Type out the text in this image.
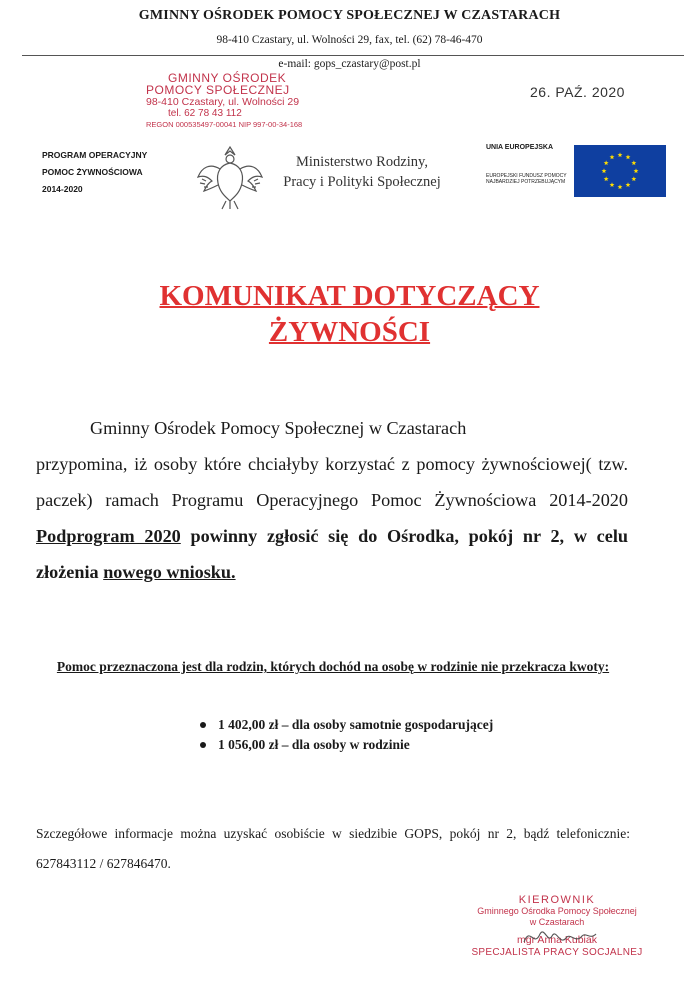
GMINNY OŚRODEK POMOCY SPOŁECZNEJ W CZASTARACH
98-410 Czastary, ul. Wolności 29, fax, tel. (62) 78-46-470
e-mail: gops_czastary@post.pl
GMINNY OŚRODEK
POMOCY SPOŁECZNEJ
98-410 Czastary, ul. Wolności 29
tel. 62 78 43 112
REGON 000535497-00041 NIP 997-00-34-168
26. PAŹ. 2020
PROGRAM OPERACYJNY
POMOC ŻYWNOŚCIOWA
2014-2020
Ministerstwo Rodziny,
Pracy i Polityki Społecznej
UNIA EUROPEJSKA
EUROPEJSKI FUNDUSZ POMOCY
NAJBARDZIEJ POTRZEBUJĄCYM
KOMUNIKAT DOTYCZĄCY
ŻYWNOŚCI
Gminny Ośrodek Pomocy Społecznej w Czastarach
przypomina, iż osoby które chciałyby korzystać z pomocy żywnościowej( tzw. paczek) ramach Programu Operacyjnego Pomoc Żywnościowa 2014-2020 Podprogram 2020 powinny zgłosić się do Ośrodka, pokój nr 2, w celu złożenia nowego wniosku.
Pomoc przeznaczona jest dla rodzin, których dochód na osobę w rodzinie nie przekracza kwoty:
1 402,00 zł – dla osoby samotnie gospodarującej
1 056,00 zł – dla osoby w rodzinie
Szczegółowe informacje można uzyskać osobiście w siedzibie GOPS, pokój nr 2, bądź telefonicznie: 627843112 / 627846470.
KIEROWNIK
Gminnego Ośrodka Pomocy Społecznej
w Czastarach
mgr Anna Kubiak
SPECJALISTA PRACY SOCJALNEJ
